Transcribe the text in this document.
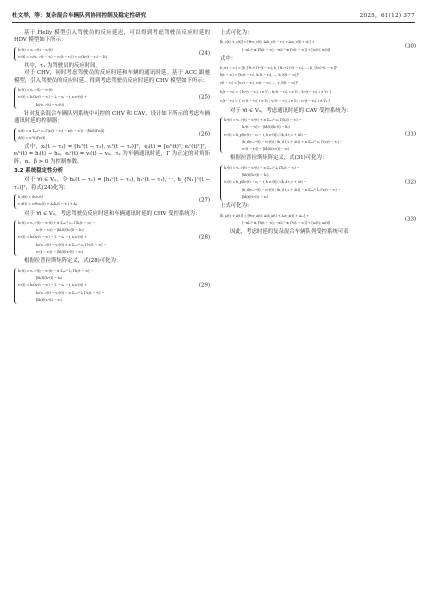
杜文举，等：复杂混合车辆队列协同控制及稳定性研究	2025，61(12) 377

基于 Helly 模型引入驾驶员的反应延迟，可以得到考虑驾驶员反应时延的 HDV 模型如下所示：

ḣᵢᵛ(t) = vᵢ₋₁ᵛ(t) − vᵢᵛ(t)
v̇ᵢᵛ(t) = c₁(vᵢ₋₁ᵛ(t − τ₁) − vᵢᵛ(t − τ₁)) + c₂(hᵢᵛ(t − τ₁) − Dᵢ)
(24)

其中，τ₁ 为驾驶员的反应时间。

对于 CHV，同时考虑驾驶员的反应时延和车辆的通讯时延。基于 ACC 跟驰模型，引入驾驶员的反应时延，得到考虑驾驶员反应时延的 CHV 模型如下所示：

ḣᵢᶜ(t) = vᵢ₋₁ᶜ(t) − vᵢᶜ(t)
v̇ᵢᶜ(t) = k₁(hᵢᶜ(t − τ₁) − L − s₀ − t_a vᵢᶜ(t)) +
k₂(vᵢ₋₁ᶜ(t) − vᵢᶜ(t))
(25)

针对复杂混合车辆队列系统中可控的 CHV 和 CAV，设计如下所示的考虑车辆通讯时延的控制器：

uᵢ(t) = α Σⱼ₌₁ᴺ cᵢⱼ Γ(xⱼ(t − τ₂) − xᵢ(t − τ₂)) − βdᵢ(t)Γeᵢ(t)
ḋᵢ(t) = eᵢᵀ(t)Γeᵢ(t)
(26)

式中，xᵢ(t − τ₂) = [hᵢᵀ(t − τ₂), vᵢᵀ(t − τ₂)]ᵀ，eᵢ(t) = [eᵢʰ(t)ᵀ, eᵢᵛ(t)ᵀ]ᵀ，eᵢʰ(t) = hᵢ(t) − h₀，eᵢᵛ(t) = vᵢ(t) − v₀，τ₂ 为车辆通讯时延，Γ 为正定的对角矩阵，α、β > 0 为控制参数。

3.2 系统稳定性分析

对于 ∀i ∈ V₁，令 hₐ(t − τ₁) = [h₁ᵛ(t − τ₁), h₂ᵛ(t − τ₁), ⋯, h_{N₁}ᵛ(t − τ₁)]ᵀ，将式(24)化为：

ḣ_d(t) = Θ₁vₐ(t)
v̇_d(t) = c₁Θ₁vₐ(t) + A₃hₐ(t − τ₁) + A₄
(27)

对于 ∀i ∈ V₂，考虑驾驶员反应时延和车辆通讯时延的 CHV 受控系统为：

ḣᵢᶜ(t) = vᵢ₋₁ᶜ(t) − vᵢᶜ(t) + α Σⱼ₌₁ᴺ cᵢⱼ Γ(hⱼ(t − τ₂) −
hᵢᶜ(t − τ₂)) − βdᵢ(t)(hᵢᶜ(t) − h₀)
v̇ᵢᶜ(t) = k₁(hᵢᶜ(t − τ₁) − L − s₀ − t_a vᵢᶜ(t)) +
k₂(vᵢ₋₁ᶜ(t) − vᵢᶜ(t)) + α Σⱼ₌₁ᴺ cᵢⱼ Γ(vⱼ(t − τ₂) −
vᵢᶜ(t − τ₂)) − βdᵢ(t)(vᵢᶜ(t) − v₀)
(28)

根据拉普拉斯矩阵定义，式(28)可化为：

ḣᵢᶜ(t) = vᵢ₋₁ᶜ(t) − vᵢᶜ(t) − α Σⱼ₌₁ᴺ lᵢⱼ Γhⱼ(t − τ₂) −
βdᵢ(t)(hᵢᶜ(t) − h₀)
v̇ᵢᶜ(t) = k₁(hᵢᶜ(t − τ₁) − L − s₀ − t_a vᵢᶜ(t)) +
k₂(vᵢ₋₁ᶜ(t) − vᵢᶜ(t)) − α Σⱼ₌₁ᴺ lᵢⱼ Γvⱼ(t − τ₂) −
βdᵢ(t)(vᵢᶜ(t) − v₀)
(29)

上式可化为：

[ḣ_c(t); v̇_c(t)] = [Θ₂v_c(t); A₅h_c(t − τ₁) + A₆v_c(t) + A₇] +
[−αL⁽²⁾ ⊗ Γh(t − τ₂); −αL⁽²⁾ ⊗ Γv(t − τ₂)] + [u₁(t); u₂(t)]
(30)

式中：

h_c(t − τ₁) = [h_{N₁+1}ᶜ(t − τ₁), h_{N₁+2}ᶜ(t − τ₁), ⋯, h_{N₂}ᶜ(t − τ₁)]ᵀ
h(t − τ₂) = [h₁(t − τ₂), h₂(t − τ₂), ⋯, h_N(t − τ₂)]ᵀ
v(t − τ₂) = [v₁(t − τ₂), v₂(t − τ₂), ⋯, v_N(t − τ₂)]ᵀ
hⱼ(t − τ₂) = { hⱼᵛ(t − τ₂), i ∈ V₁ ; hⱼᶜ(t − τ₂), i ∈ V₂ ; hⱼᵃ(t − τ₂), i ∈ V₃ }
vⱼ(t − τ₂) = { vⱼᵛ(t − τ₂), i ∈ V₁ ; vⱼᶜ(t − τ₂), i ∈ V₂ ; vⱼᵃ(t − τ₂), i ∈ V₃ }

对于 ∀i ∈ V₃，考虑通讯时延的 CAV 受控系统为：

ḣᵢᵃ(t) = vᵢ₋₁ᵃ(t) − vᵢᵃ(t) + α Σⱼ₌₁ᴺ cᵢⱼ Γ(hⱼ(t − τ₂) −
hᵢᵃ(t − τ₂)) − βdᵢ(t)(hᵢᵃ(t) − h₀)
v̇ᵢᵃ(t) = k_p(hᵢᵃ(t) − r₀ − t_h vᵢᵃ(t)) / (k_d t_c + Δt) −
(k_d(vᵢ₋₁ᵃ(t) − vᵢᵃ(t)) / (k_d t_c + Δt)) + α Σⱼ₌₁ᴺ cᵢⱼ Γ(vⱼ(t − τ₂) −
vᵢᵃ(t − τ₂)) − βdᵢ(t)(vᵢᵃ(t) − v₀)
(31)

根据拉普拉斯矩阵定义，式(31)可化为：

ḣᵢᵃ(t) = vᵢ₋₁ᵃ(t) − vᵢᵃ(t) − α Σⱼ₌₁ᴺ lᵢⱼ Γhⱼ(t − τ₂) −
βdᵢ(t)(hᵢᵃ(t) − h₀)
v̇ᵢᵃ(t) = k_p(hᵢᵃ(t) − r₀ − t_h vᵢᵃ(t)) / (k_d t_c + Δt) −
(k_d(vᵢ₋₁ᵃ(t) − vᵢᵃ(t)) / (k_d t_c + Δt)) − α Σⱼ₌₁ᴺ lᵢⱼ Γvⱼ(t − τ₂) −
βdᵢ(t)(vᵢᵃ(t) − v₀)
(32)

上式可化为：

[ḣ_a(t); v̇_a(t)] = [Θ₃v_a(t); A₈h_a(t) + A₉v_a(t) + A₁₀] +
[−αL⁽³⁾ ⊗ Γh(t − τ₂); −αL⁽³⁾ ⊗ Γv(t − τ₂)] + [u₃(t); u₄(t)]
(33)

因此，考虑时延的复杂混合车辆队列受控系统可表
